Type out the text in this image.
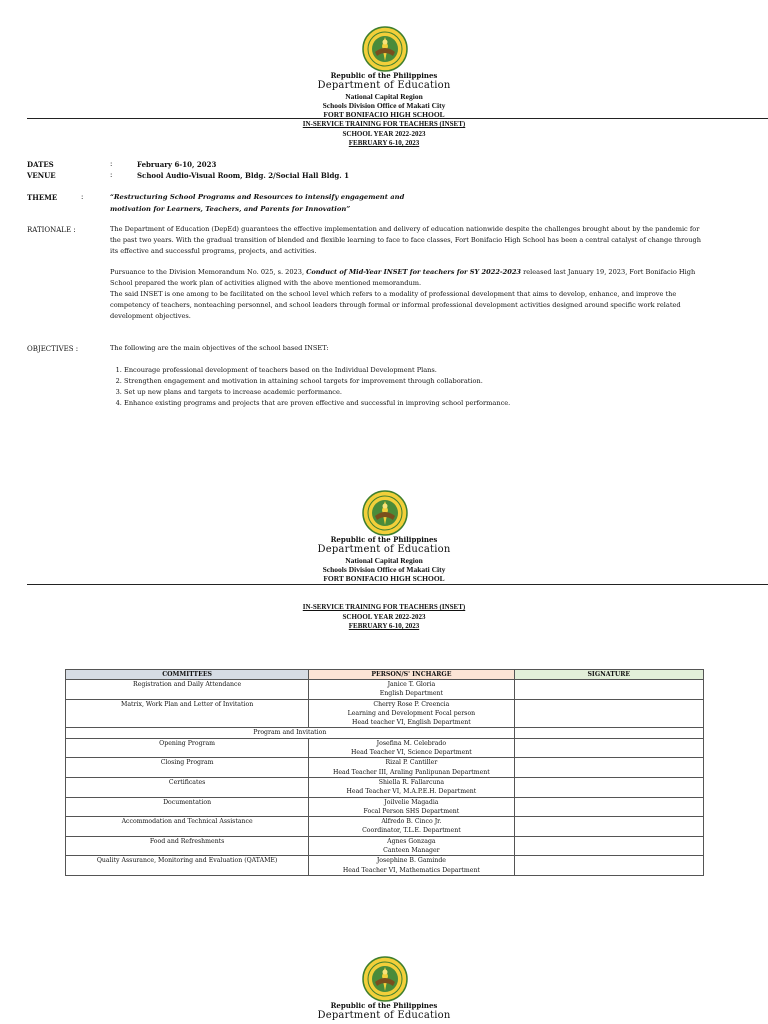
Republic of the Philippines
Department of Education
National Capital Region
Schools Division Office of Makati City
FORT BONIFACIO HIGH SCHOOL
IN-SERVICE TRAINING FOR TEACHERS (INSET)
SCHOOL YEAR 2022-2023
FEBRUARY 6-10, 2023
DATES	:	February 6-10, 2023
VENUE	:	School Audio-Visual Room, Bldg. 2/Social Hall Bldg. 1
THEME	:	“Restructuring School Programs and Resources to intensify engagement and
motivation for Learners, Teachers, and Parents for Innovation”
RATIONALE :	The Department of Education (DepEd) guarantees the effective implementation and delivery of education nationwide despite the challenges brought about by the pandemic for the past two years. With the gradual transition of blended and flexible learning to face to face classes, Fort Bonifacio High School has been a central catalyst of change through its effective and successful programs, projects, and activities.
Pursuance to the Division Memorandum No. 025, s. 2023, Conduct of Mid-Year INSET for teachers for SY 2022-2023 released last January 19, 2023, Fort Bonifacio High School prepared the work plan of activities aligned with the above mentioned memorandum.
The said INSET is one among to be facilitated on the school level which refers to a modality of professional development that aims to develop, enhance, and improve the competency of teachers, nonteaching personnel, and school leaders through formal or informal professional development activities designed around specific work related development objectives.
OBJECTIVES :	The following are the main objectives of the school based INSET:
1. Encourage professional development of teachers based on the Individual Development Plans.
2. Strengthen engagement and motivation in attaining school targets for improvement through collaboration.
3. Set up new plans and targets to increase academic performance.
4. Enhance existing programs and projects that are proven effective and successful in improving school performance.
Republic of the Philippines
Department of Education
National Capital Region
Schools Division Office of Makati City
FORT BONIFACIO HIGH SCHOOL
IN-SERVICE TRAINING FOR TEACHERS (INSET)
SCHOOL YEAR 2022-2023
FEBRUARY 6-10, 2023
COMMITTEES	PERSON/S' INCHARGE	SIGNATURE
Registration and Daily Attendance	Janice T. Gloria
English Department	

Matrix, Work Plan and Letter of Invitation	Cherry Rose P. Creencia
Learning and Development Focal person
Head teacher VI, English Department	

Program and Invitation		
Opening Program	Josefina M. Celebrado
Head Teacher VI, Science Department	

Closing Program	Rizal P. Cantiller
Head Teacher III, Araling Panlipunan Department	

Certificates	Shiella R. Fallarcuna
Head Teacher VI, M.A.P.E.H. Department	

Documentation	Joilvelie Magadia
Focal Person SHS Department	

Accommodation and Technical Assistance	Alfredo B. Cinco Jr.
Coordinator, T.L.E. Department	

Food and Refreshments	Agnes Gonzaga
Canteen Manager	

Quality Assurance, Monitoring and Evaluation (QATAME)	Josephine B. Gaminde
Head Teacher VI, Mathematics Department	

Republic of the Philippines
Department of Education
